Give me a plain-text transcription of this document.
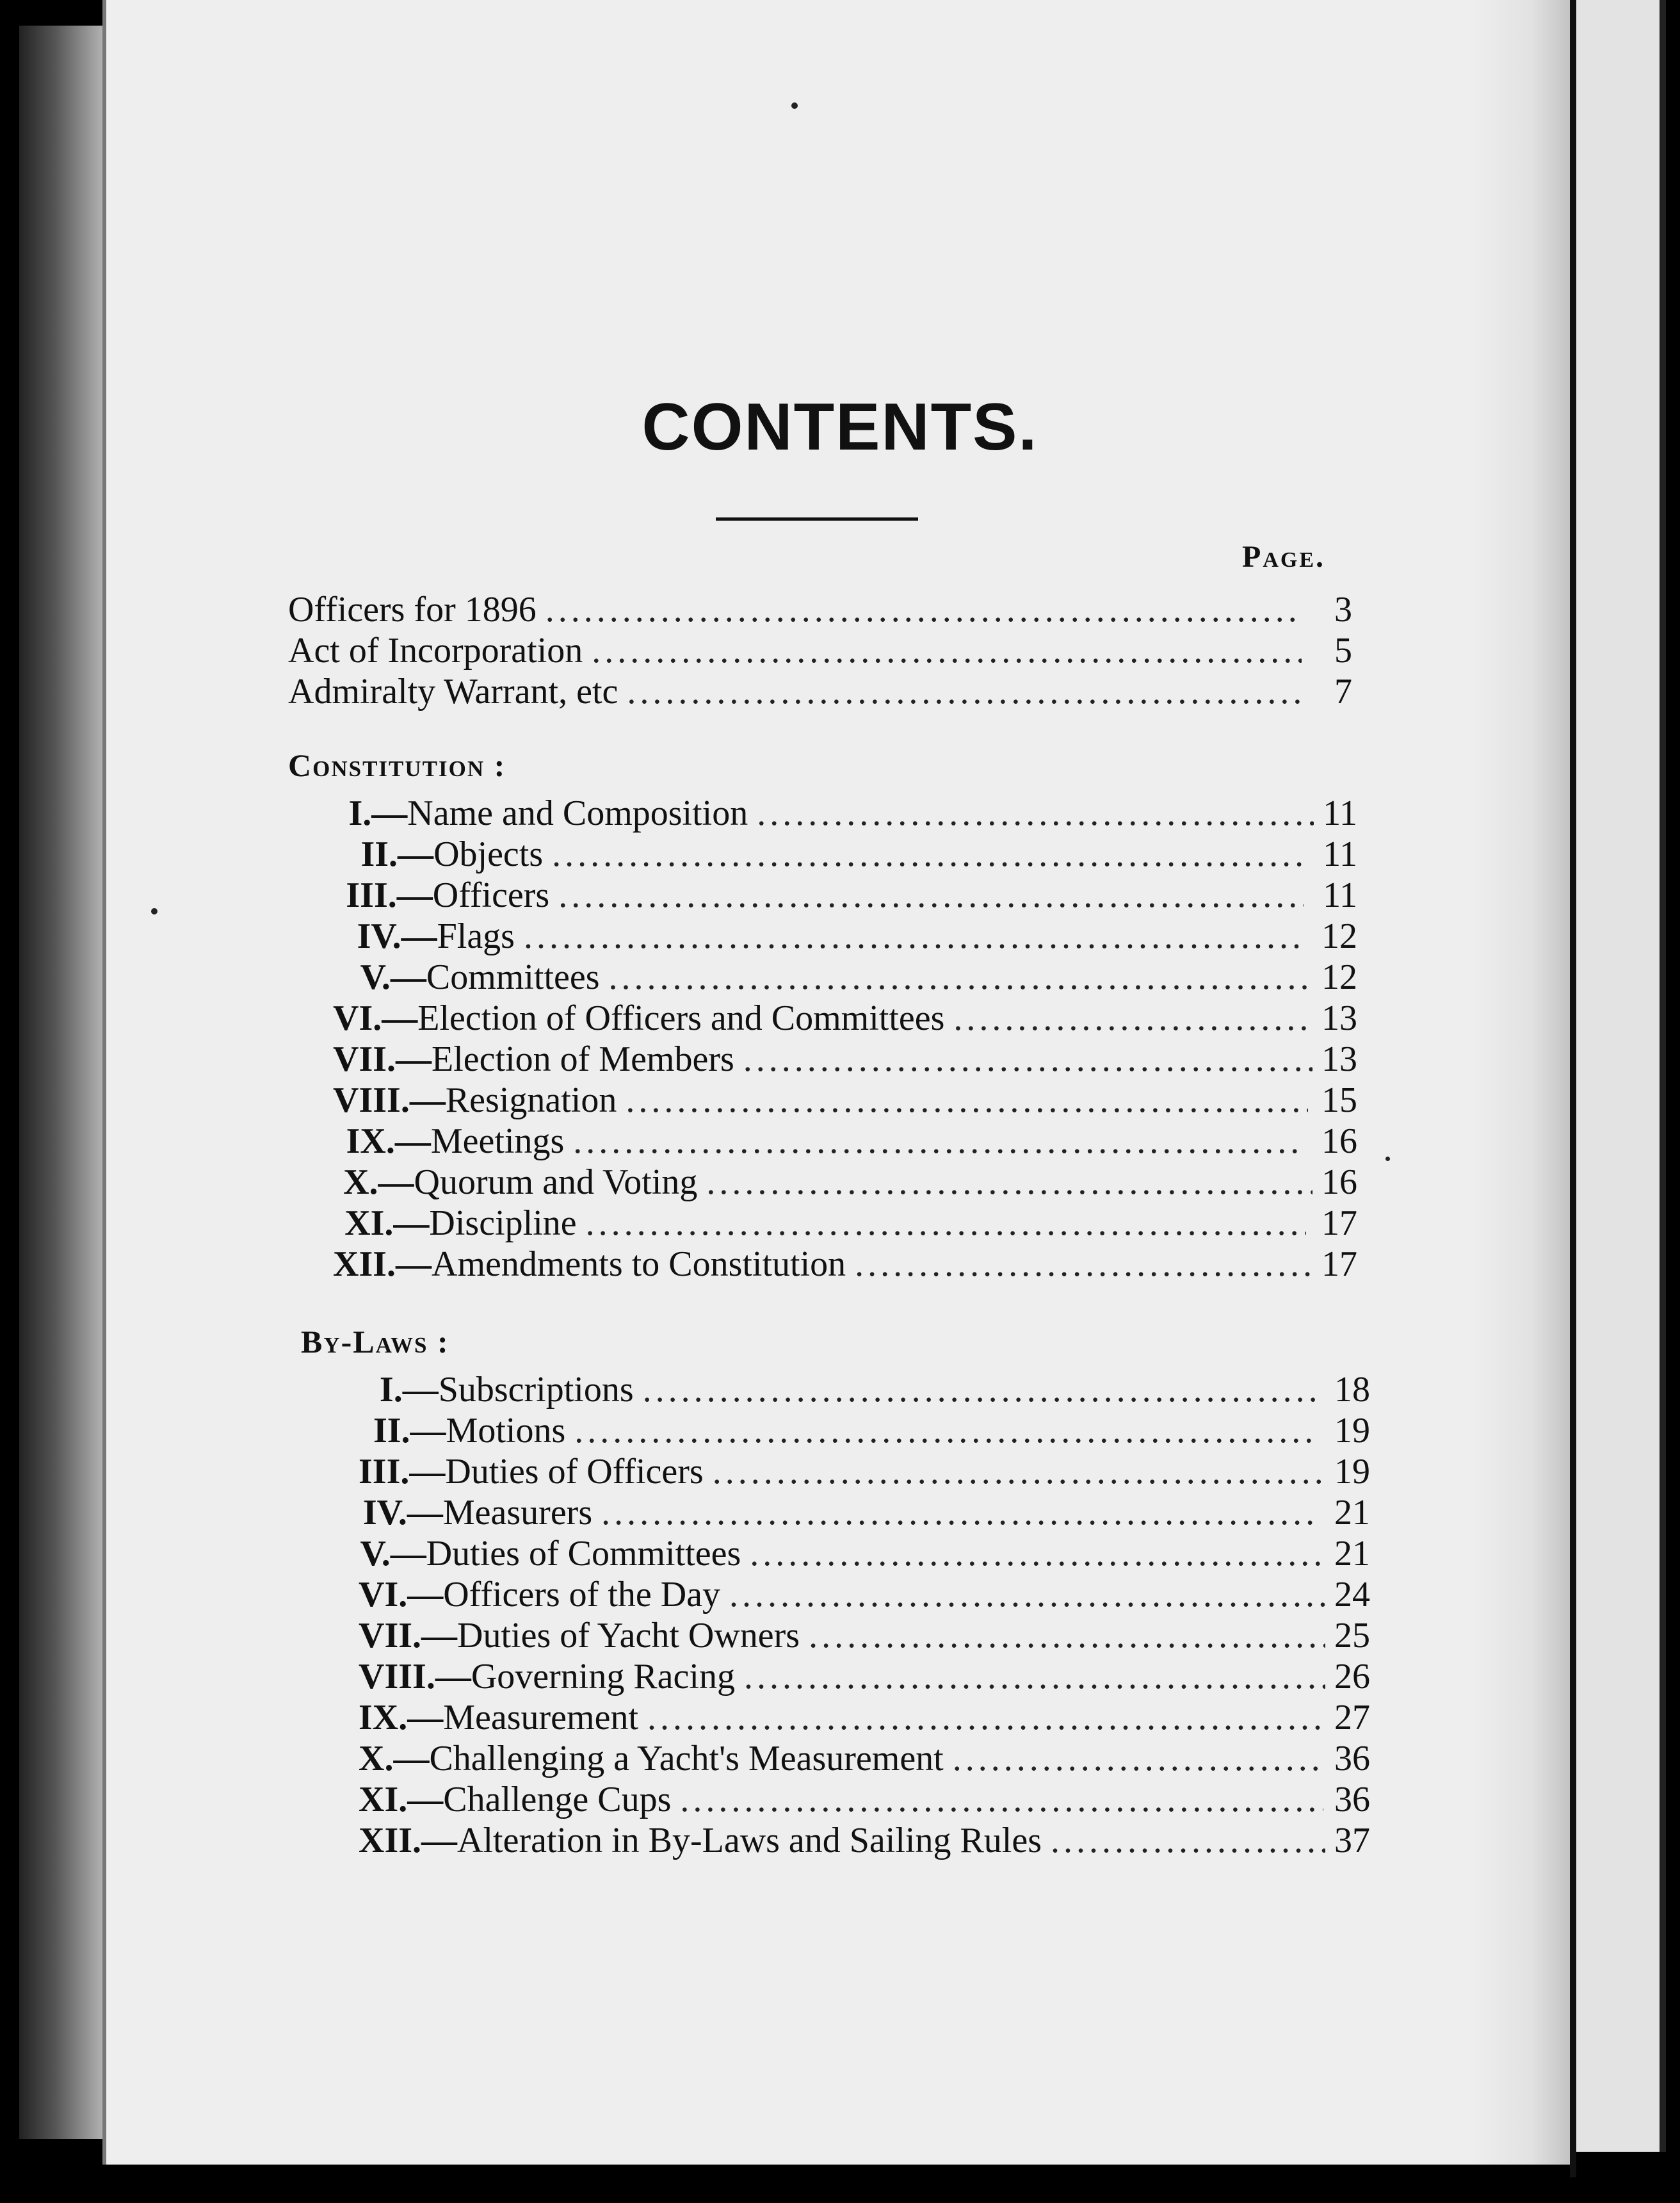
CONTENTS.
Page.
Officers for 1896 . . .	3
Act of Incorporation . . .	5
Admiralty Warrant, etc . . .	7
Constitution :
I.— Name and Composition . . .	11
II.— Objects . . .	11
III.— Officers . . .	11
IV.— Flags . . .	12
V.— Committees . . .	12
VI.— Election of Officers and Committees . . .	13
VII.— Election of Members . . .	13
VIII.— Resignation . . .	15
IX.— Meetings . . .	16
X.— Quorum and Voting . . .	16
XI.— Discipline . . .	17
XII.— Amendments to Constitution . . .	17
By-Laws :
I.— Subscriptions . . .	18
II.— Motions . . .	19
III.— Duties of Officers . . .	19
IV.— Measurers . . .	21
V.— Duties of Committees . . .	21
VI.— Officers of the Day . . .	24
VII.— Duties of Yacht Owners . . .	25
VIII.— Governing Racing . . .	26
IX.— Measurement . . .	27
X.— Challenging a Yacht's Measurement . . .	36
XI.— Challenge Cups . . .	36
XII.— Alteration in By-Laws and Sailing Rules . . .	37
